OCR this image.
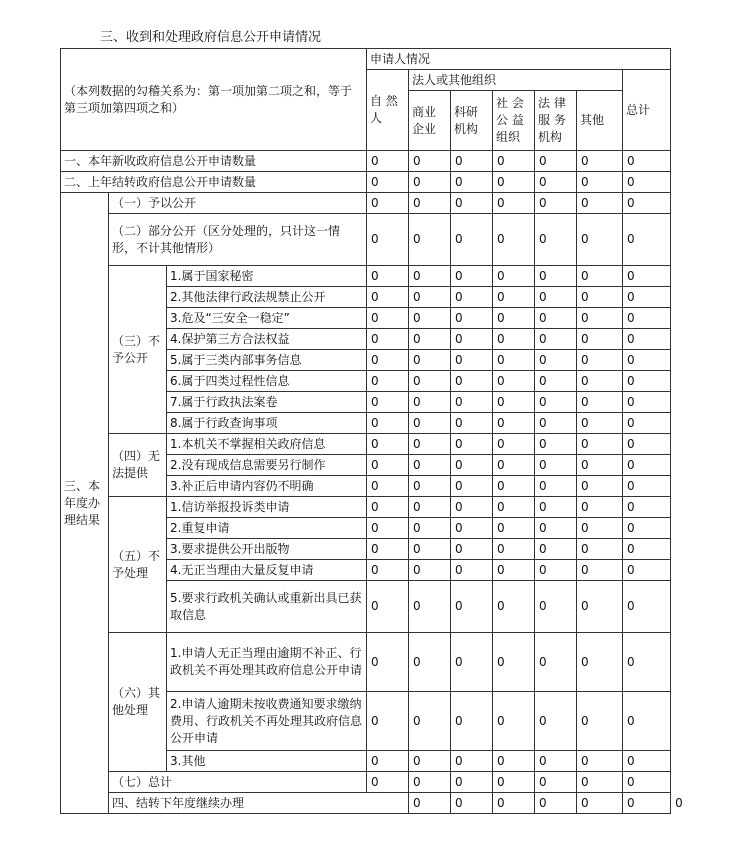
三、收到和处理政府信息公开申请情况
（本列数据的勾稽关系为：第一项加第二项之和，等于第三项加第四项之和）			申请人情况							
			自 然 人	法人或其他组织					总计	
				商业企业	科研机构	社 会 公 益 组织	法 律 服 务 机构	其他		
一、本年新收政府信息公开申请数量			0	0	0	0	0	0	0	
二、上年结转政府信息公开申请数量			0	0	0	0	0	0	0	
三、本年度办理结果	（一）予以公开		0	0	0	0	0	0	0	
	（二）部分公开（区分处理的，只计这一情形，不计其他情形）		0	0	0	0	0	0	0	
	（三）不予公开	1.属于国家秘密	0	0	0	0	0	0	0	
		2.其他法律行政法规禁止公开	0	0	0	0	0	0	0	
		3.危及“三安全一稳定”	0	0	0	0	0	0	0	
		4.保护第三方合法权益	0	0	0	0	0	0	0	
		5.属于三类内部事务信息	0	0	0	0	0	0	0	
		6.属于四类过程性信息	0	0	0	0	0	0	0	
		7.属于行政执法案卷	0	0	0	0	0	0	0	
		8.属于行政查询事项	0	0	0	0	0	0	0	
	（四）无法提供	1.本机关不掌握相关政府信息	0	0	0	0	0	0	0	
		2.没有现成信息需要另行制作	0	0	0	0	0	0	0	
		3.补正后申请内容仍不明确	0	0	0	0	0	0	0	
	（五）不予处理	1.信访举报投诉类申请	0	0	0	0	0	0	0	
		2.重复申请	0	0	0	0	0	0	0	
		3.要求提供公开出版物	0	0	0	0	0	0	0	
		4.无正当理由大量反复申请	0	0	0	0	0	0	0	
		5.要求行政机关确认或重新出具已获取信息	0	0	0	0	0	0	0	
	（六）其他处理	1.申请人无正当理由逾期不补正、行政机关不再处理其政府信息公开申请	0	0	0	0	0	0	0	
		2.申请人逾期未按收费通知要求缴纳费用、行政机关不再处理其政府信息公开申请	0	0	0	0	0	0	0	
		3.其他	0	0	0	0	0	0	0	
	（七）总计		0	0	0	0	0	0	0	
	四、结转下年度继续办理			0	0	0	0	0	0	0
